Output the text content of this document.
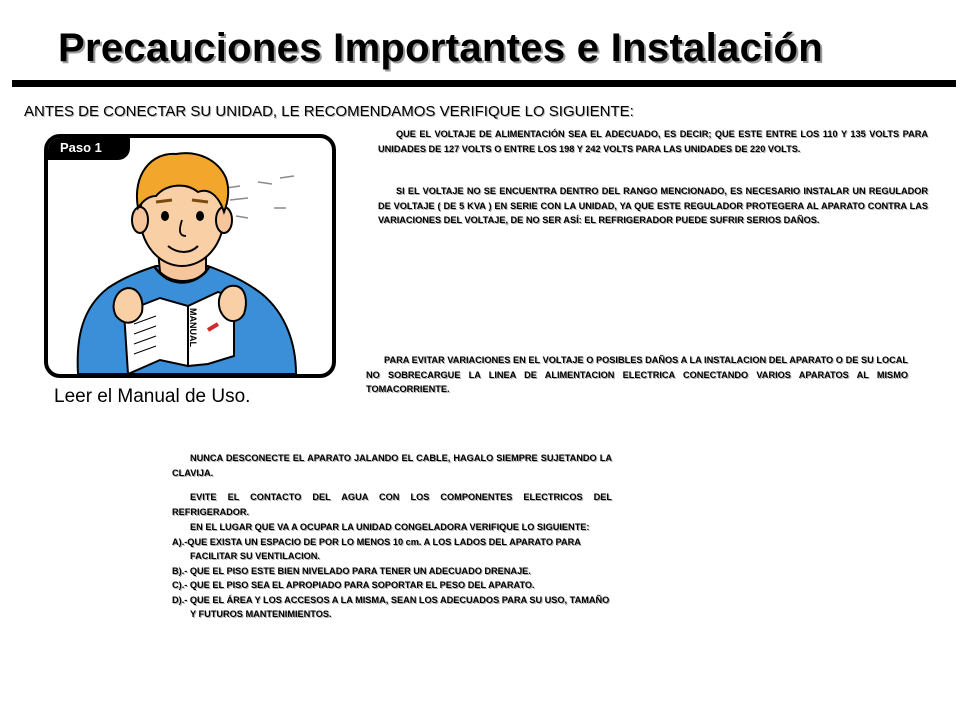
Precauciones Importantes e Instalación
ANTES DE CONECTAR SU UNIDAD, LE RECOMENDAMOS VERIFIQUE LO SIGUIENTE:
Paso 1
MANUAL
Leer el Manual de Uso.

QUE EL VOLTAJE DE ALIMENTACIÓN SEA EL ADECUADO, ES DECIR; QUE ESTE ENTRE LOS 110 Y 135 VOLTS PARA UNIDADES DE 127 VOLTS O ENTRE LOS 198 Y 242 VOLTS PARA LAS UNIDADES DE 220 VOLTS.

SI EL VOLTAJE NO SE ENCUENTRA DENTRO DEL RANGO MENCIONADO, ES NECESARIO INSTALAR UN REGULADOR DE VOLTAJE ( DE 5 KVA ) EN SERIE CON LA UNIDAD, YA QUE ESTE REGULADOR PROTEGERA AL APARATO CONTRA LAS VARIACIONES DEL VOLTAJE, DE NO SER ASÍ: EL REFRIGERADOR PUEDE SUFRIR SERIOS DAÑOS.

PARA EVITAR VARIACIONES EN EL VOLTAJE O POSIBLES DAÑOS A LA INSTALACION DEL APARATO O DE SU LOCAL NO SOBRECARGUE LA LINEA DE ALIMENTACION ELECTRICA CONECTANDO VARIOS APARATOS AL MISMO TOMACORRIENTE.

NUNCA DESCONECTE EL APARATO JALANDO EL CABLE, HAGALO SIEMPRE SUJETANDO LA CLAVIJA.

EVITE EL CONTACTO DEL AGUA CON LOS COMPONENTES ELECTRICOS DEL REFRIGERADOR.

EN EL LUGAR QUE VA A OCUPAR LA UNIDAD CONGELADORA VERIFIQUE LO SIGUIENTE:

A).-QUE EXISTA UN ESPACIO DE POR LO MENOS 10 cm. A LOS LADOS DEL APARATO PARA FACILITAR SU VENTILACION.

B).- QUE EL PISO ESTE BIEN NIVELADO PARA TENER UN ADECUADO DRENAJE.

C).- QUE EL PISO SEA EL APROPIADO PARA SOPORTAR EL PESO DEL APARATO.

D).- QUE EL ÁREA Y LOS ACCESOS A LA MISMA, SEAN LOS ADECUADOS PARA SU USO, TAMAÑO Y FUTUROS MANTENIMIENTOS.
